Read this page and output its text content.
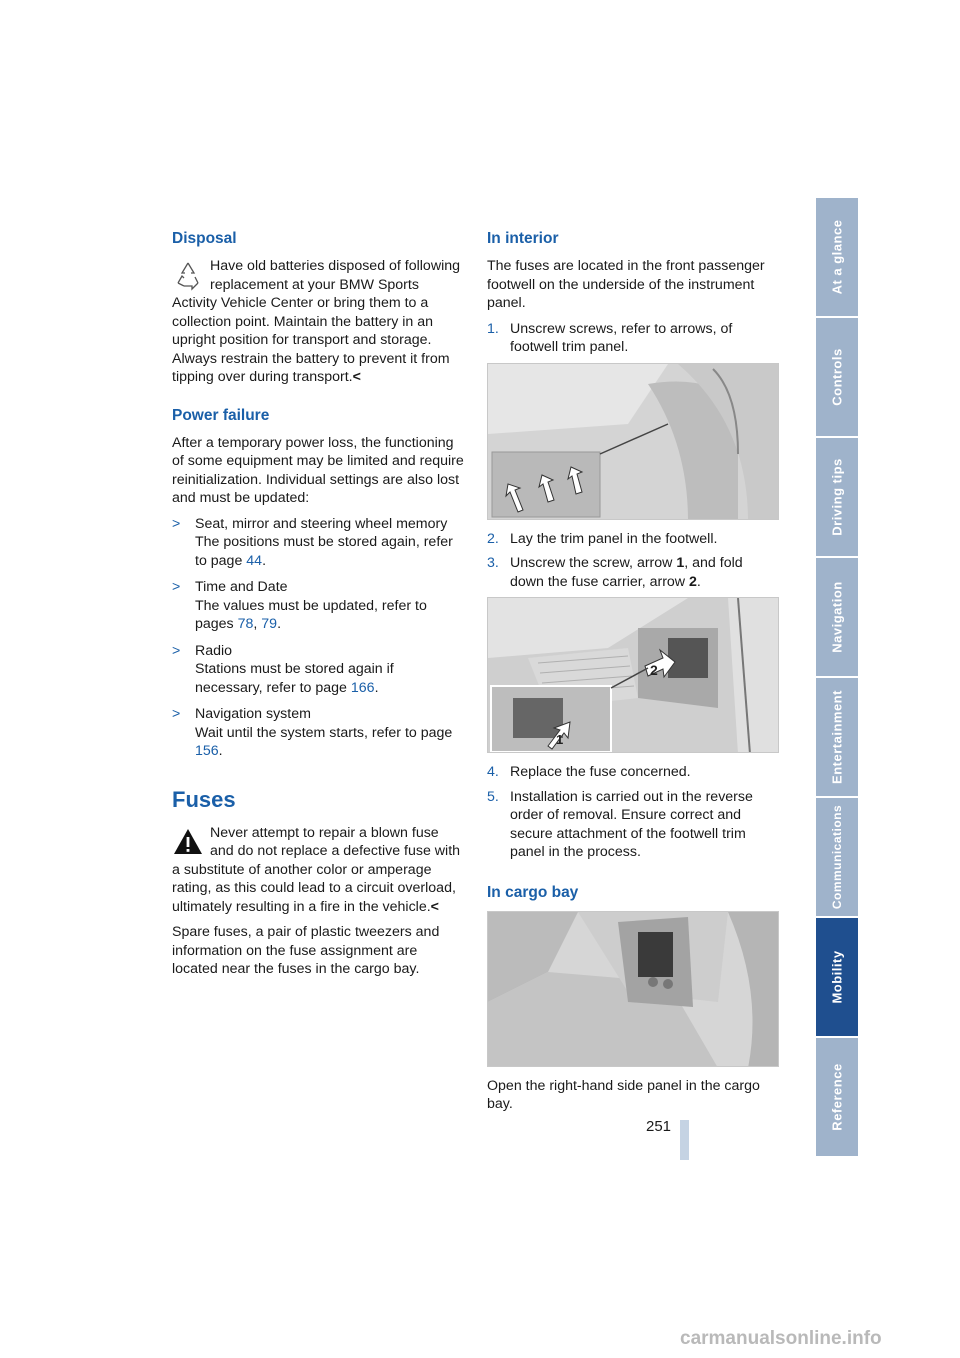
Disposal

Have old batteries disposed of following replacement at your BMW Sports Activity Vehicle Center or bring them to a collection point. Maintain the battery in an upright position for transport and storage. Always restrain the battery to prevent it from tipping over during transport.<

Power failure

After a temporary power loss, the functioning of some equipment may be limited and require reinitialization. Individual settings are also lost and must be updated:

> Seat, mirror and steering wheel memory
The positions must be stored again, refer to page 44.
> Time and Date
The values must be updated, refer to pages 78, 79.
> Radio
Stations must be stored again if necessary, refer to page 166.
> Navigation system
Wait until the system starts, refer to page 156.
Fuses

Never attempt to repair a blown fuse and do not replace a defective fuse with a substitute of another color or amperage rating, as this could lead to a circuit overload, ultimately resulting in a fire in the vehicle.<

Spare fuses, a pair of plastic tweezers and information on the fuse assignment are located near the fuses in the cargo bay.

In interior

The fuses are located in the front passenger footwell on the underside of the instrument panel.

1. Unscrew screws, refer to arrows, of footwell trim panel.
2. Lay the trim panel in the footwell.
3. Unscrew the screw, arrow 1, and fold down the fuse carrier, arrow 2.
2
1
4. Replace the fuse concerned.
5. Installation is carried out in the reverse order of removal. Ensure correct and secure attachment of the footwell trim panel in the process.
In cargo bay

Open the right-hand side panel in the cargo bay.

At a glance
Controls
Driving tips
Navigation
Entertainment
Communications
Mobility
Reference
251
carmanualsonline.info
